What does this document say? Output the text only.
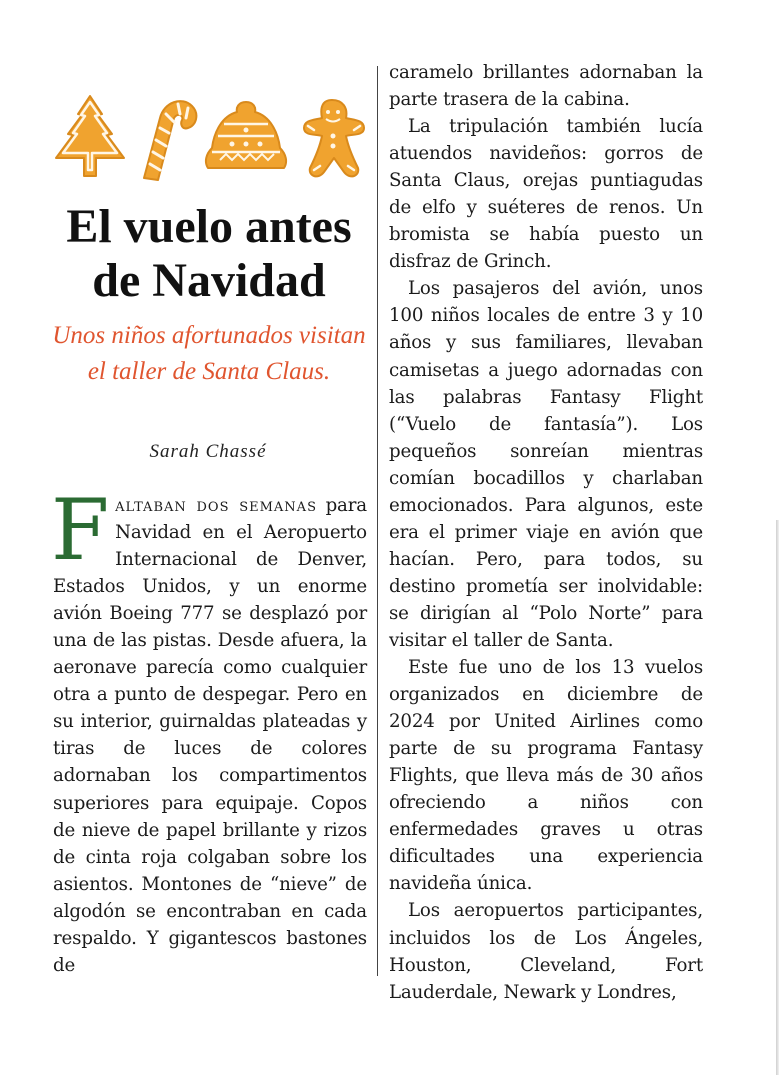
El vuelo antes de Navidad

Unos niños afortunados visitan el taller de Santa Claus.

Sarah Chassé

Faltaban dos semanas para Navidad en el Aeropuerto Internacional de Denver, Estados Unidos, y un enorme avión Boeing 777 se desplazó por una de las pistas. Desde afuera, la aeronave parecía como cualquier otra a punto de despegar. Pero en su interior, guirnaldas plateadas y tiras de luces de colores adornaban los compartimentos superiores para equipaje. Copos de nieve de papel brillante y rizos de cinta roja colgaban sobre los asientos. Montones de “nieve” de algodón se encontraban en cada respaldo. Y gigantescos bastones de

caramelo brillantes adornaban la parte trasera de la cabina.

La tripulación también lucía atuendos navideños: gorros de Santa Claus, orejas puntiagudas de elfo y suéteres de renos. Un bromista se había puesto un disfraz de Grinch.

Los pasajeros del avión, unos 100 niños locales de entre 3 y 10 años y sus familiares, llevaban camisetas a juego adornadas con las palabras Fantasy Flight (“Vuelo de fantasía”). Los pequeños sonreían mientras comían bocadillos y charlaban emocionados. Para algunos, este era el primer viaje en avión que hacían. Pero, para todos, su destino prometía ser inolvidable: se dirigían al “Polo Norte” para visitar el taller de Santa.

Este fue uno de los 13 vuelos organizados en diciembre de 2024 por United Airlines como parte de su programa Fantasy Flights, que lleva más de 30 años ofreciendo a niños con enfermedades graves u otras dificultades una experiencia navideña única.

Los aeropuertos participantes, incluidos los de Los Ángeles, Houston, Cleveland, Fort Lauderdale, Newark y Londres,
